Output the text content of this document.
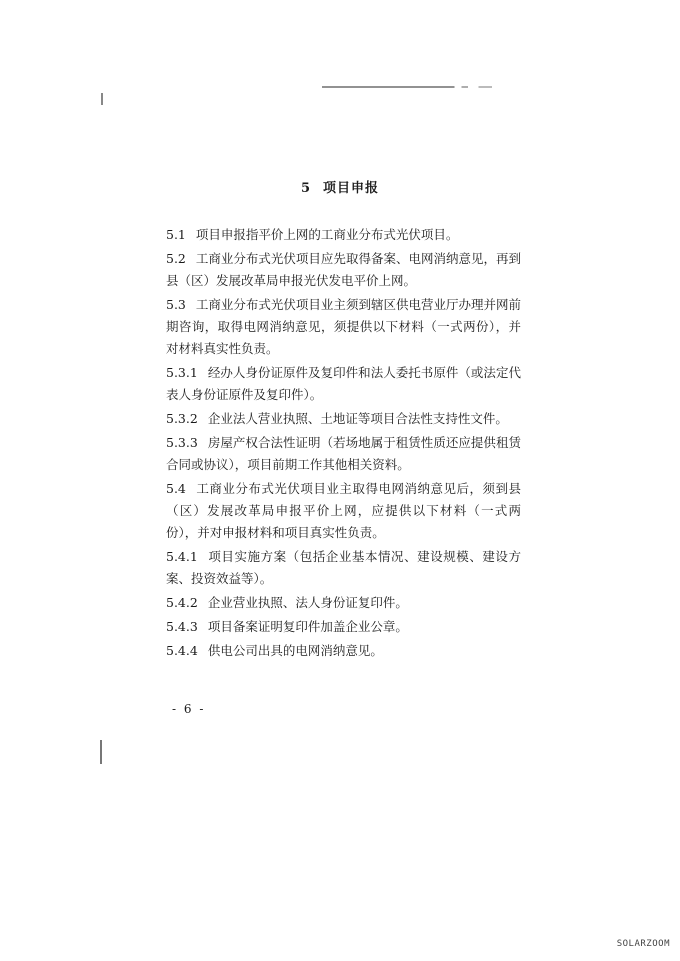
5 项目申报

5.1 项目申报指平价上网的工商业分布式光伏项目。

5.2 工商业分布式光伏项目应先取得备案、电网消纳意见，再到县（区）发展改革局申报光伏发电平价上网。

5.3 工商业分布式光伏项目业主须到辖区供电营业厅办理并网前期咨询，取得电网消纳意见，须提供以下材料（一式两份），并对材料真实性负责。

5.3.1 经办人身份证原件及复印件和法人委托书原件（或法定代表人身份证原件及复印件）。

5.3.2 企业法人营业执照、土地证等项目合法性支持性文件。

5.3.3 房屋产权合法性证明（若场地属于租赁性质还应提供租赁合同或协议），项目前期工作其他相关资料。

5.4 工商业分布式光伏项目业主取得电网消纳意见后，须到县（区）发展改革局申报平价上网，应提供以下材料（一式两份），并对申报材料和项目真实性负责。

5.4.1 项目实施方案（包括企业基本情况、建设规模、建设方案、投资效益等）。

5.4.2 企业营业执照、法人身份证复印件。

5.4.3 项目备案证明复印件加盖企业公章。

5.4.4 供电公司出具的电网消纳意见。

- 6 -
SOLARZOOM
